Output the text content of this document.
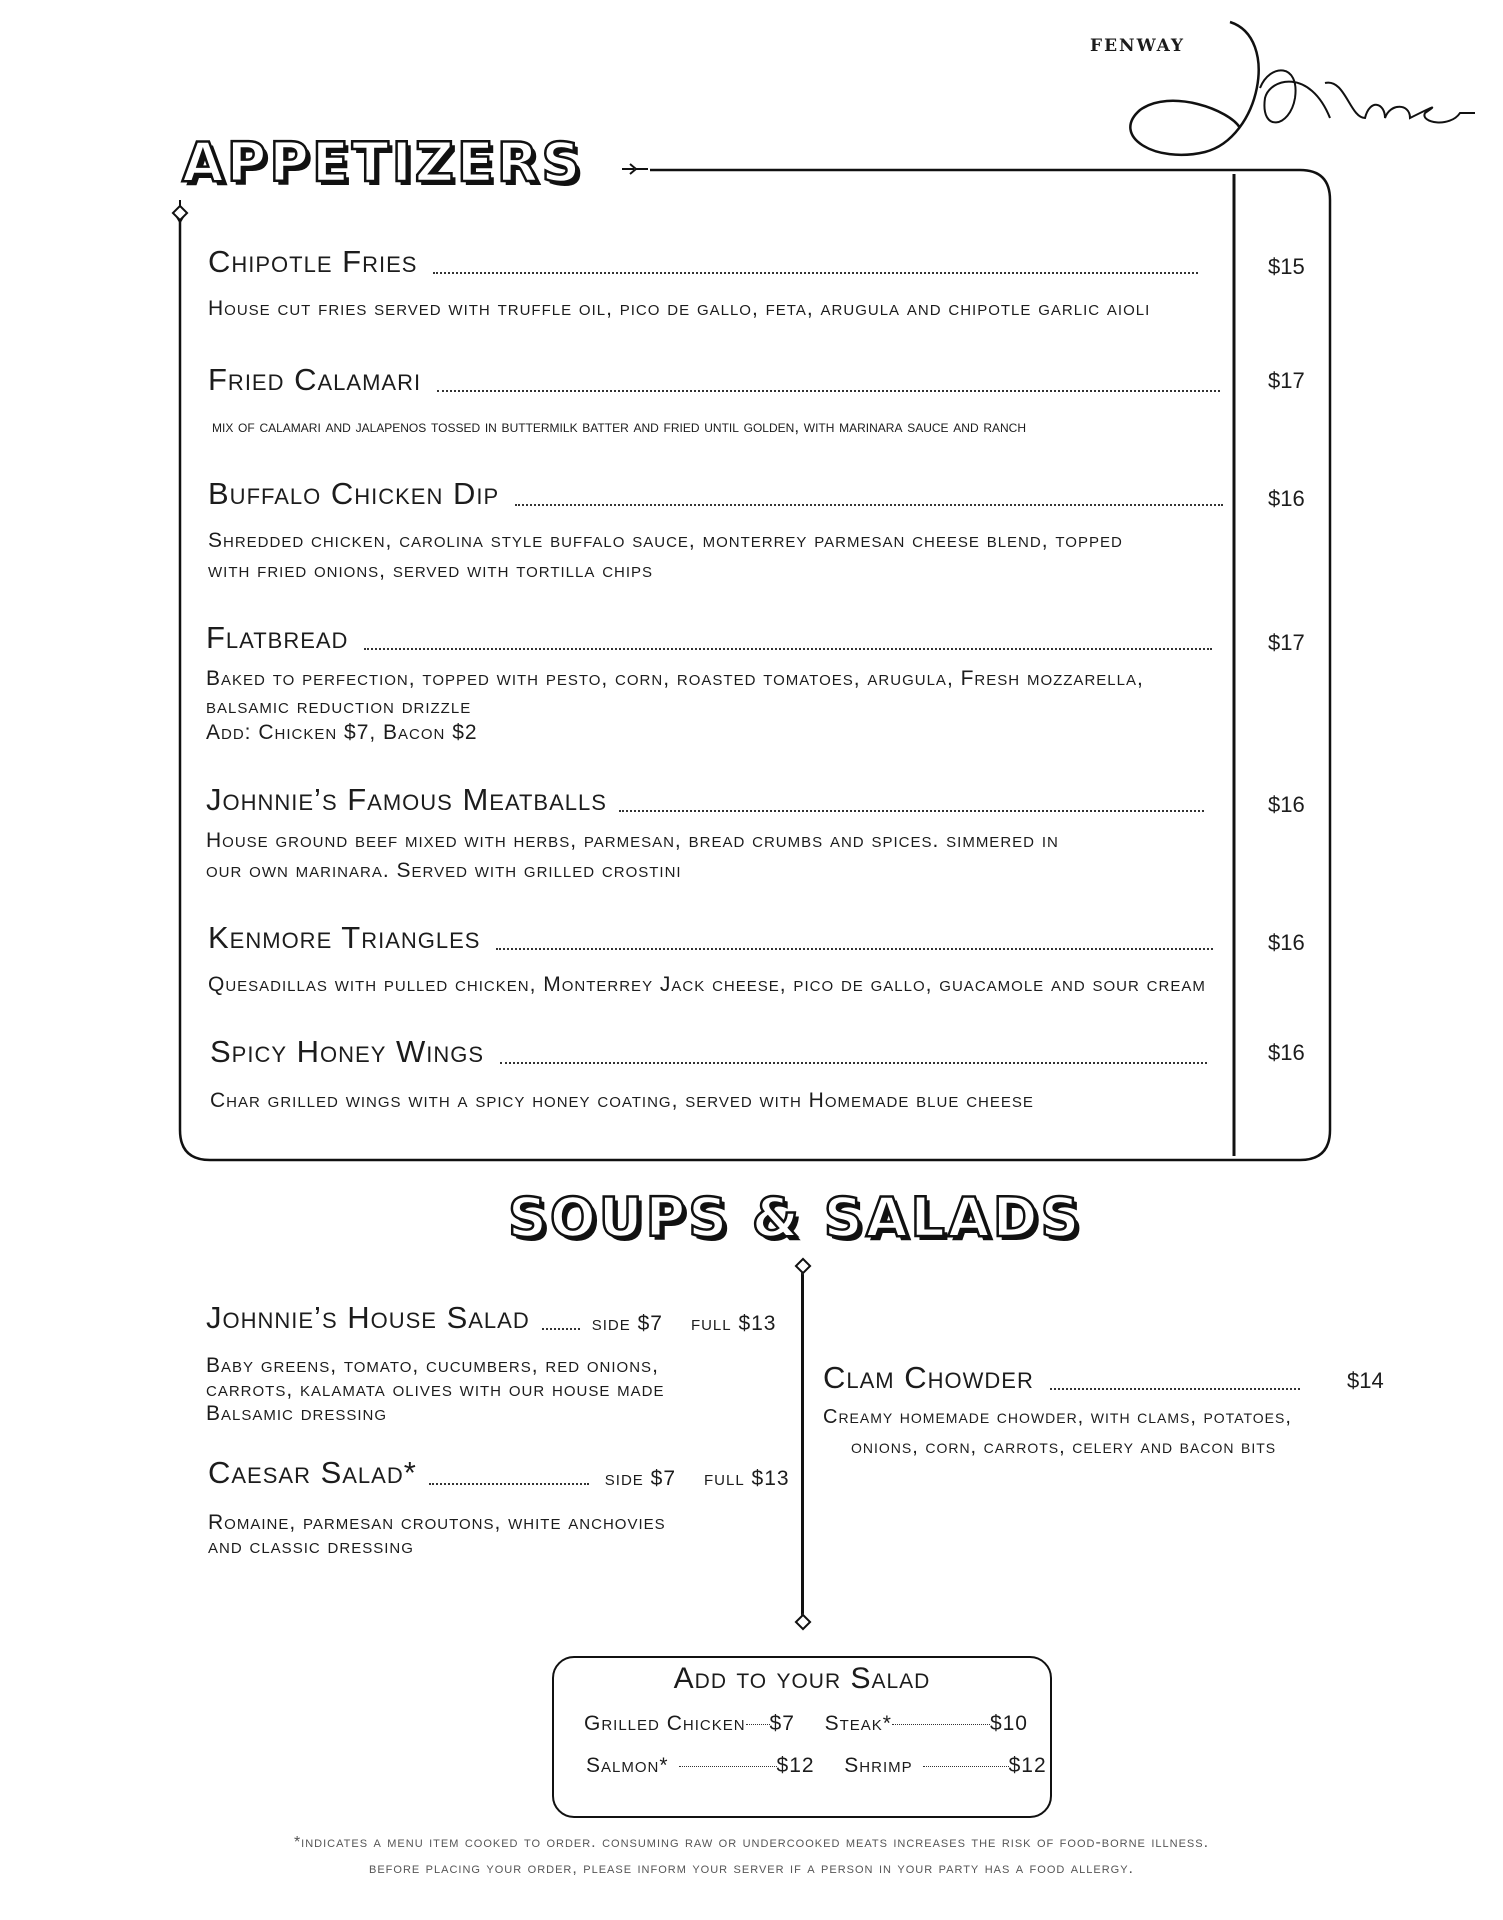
FENWAY
Johnnies
APPETIZERS
Chipotle Fries	$15
House cut fries served with truffle oil, pico de gallo, feta, arugula and chipotle garlic aioli
Fried Calamari	$17
mix of calamari and jalapenos tossed in buttermilk batter and fried until golden, with marinara sauce and ranch
Buffalo Chicken Dip	$16
Shredded chicken, carolina style buffalo sauce, monterrey parmesan cheese blend, topped
with fried onions, served with tortilla chips
Flatbread	$17
Baked to perfection, topped with pesto, corn, roasted tomatoes, arugula, Fresh mozzarella,
balsamic reduction drizzle
Add: Chicken $7, Bacon $2
Johnnie’s Famous Meatballs	$16
House ground beef mixed with herbs, parmesan, bread crumbs and spices. simmered in
our own marinara. Served with grilled crostini
Kenmore Triangles	$16
Quesadillas with pulled chicken, Monterrey Jack cheese, pico de gallo, guacamole and sour cream
Spicy Honey Wings	$16
Char grilled wings with a spicy honey coating, served with Homemade blue cheese
SOUPS & SALADS
Johnnie’s House Salad	side $7 full $13
Baby greens, tomato, cucumbers, red onions,
carrots, kalamata olives with our house made
Balsamic dressing
Caesar Salad*	side $7 full $13
Romaine, parmesan croutons, white anchovies
and classic dressing
Clam Chowder	$14
Creamy homemade chowder, with clams, potatoes,
onions, corn, carrots, celery and bacon bits
Add to your Salad
Grilled Chicken $7 Steak*	$10
Salmon*	$12 Shrimp	$12
*indicates a menu item cooked to order. consuming raw or undercooked meats increases the risk of food-borne illness.
before placing your order, please inform your server if a person in your party has a food allergy.
